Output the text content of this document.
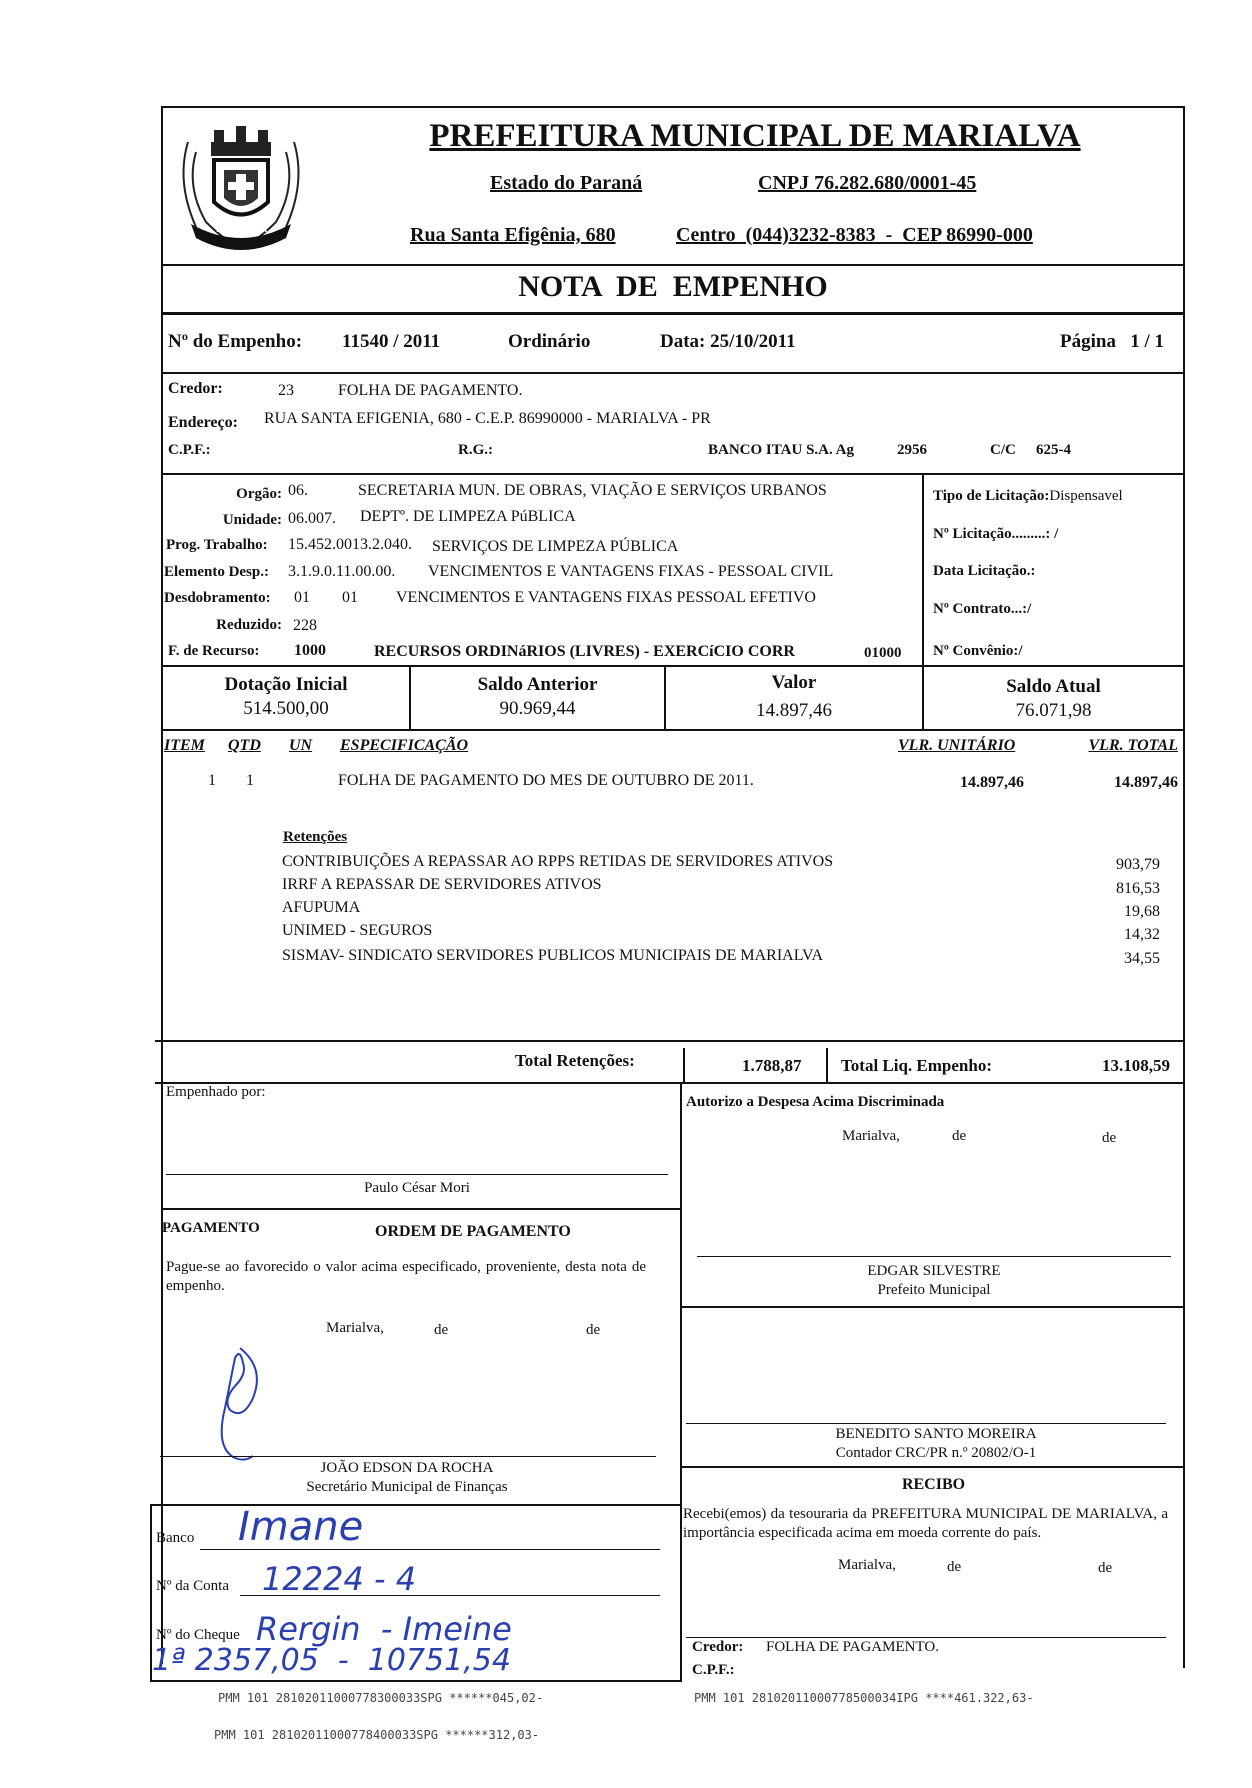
MARIALVA
PREFEITURA MUNICIPAL DE MARIALVA
Estado do Paraná	CNPJ 76.282.680/0001-45
Rua Santa Efigênia, 680	Centro  (044)3232-8383  -  CEP 86990-000
NOTA  DE  EMPENHO
Nº do Empenho: 11540 / 2011	Ordinário	Data: 25/10/2011	Página   1 / 1
Credor:	23	FOLHA DE PAGAMENTO.
Endereço: RUA SANTA EFIGENIA, 680 - C.E.P. 86990000 - MARIALVA - PR
C.P.F.:	R.G.:	BANCO ITAU S.A. Ag	2956	C/C 625-4
Orgão: 06.	SECRETARIA MUN. DE OBRAS, VIAÇÃO E SERVIÇOS URBANOS
Unidade: 06.007. DEPTº. DE LIMPEZA PúBLICA
Prog. Trabalho: 15.452.0013.2.040. SERVIÇOS DE LIMPEZA PÚBLICA
Elemento Desp.: 3.1.9.0.11.00.00. VENCIMENTOS E VANTAGENS FIXAS - PESSOAL CIVIL
Desdobramento: 01 01 VENCIMENTOS E VANTAGENS FIXAS PESSOAL EFETIVO
Reduzido: 228
F. de Recurso: 1000	RECURSOS ORDINáRIOS (LIVRES) - EXERCíCIO CORR	01000
Tipo de Licitação:Dispensavel
Nº Licitação.........: /
Data Licitação.:
Nº Contrato...:/
Nº Convênio:/
Dotação Inicial
514.500,00
Saldo Anterior
90.969,44
Valor
14.897,46
Saldo Atual
76.071,98
ITEM QTD UN ESPECIFICAÇÃO	VLR. UNITÁRIO	VLR. TOTAL
1 1	FOLHA DE PAGAMENTO DO MES DE OUTUBRO DE 2011.	14.897,46	14.897,46
Retenções
CONTRIBUIÇÕES A REPASSAR AO RPPS RETIDAS DE SERVIDORES ATIVOS	903,79
IRRF A REPASSAR DE SERVIDORES ATIVOS	816,53
AFUPUMA	19,68
UNIMED - SEGUROS	14,32
SISMAV- SINDICATO SERVIDORES PUBLICOS MUNICIPAIS DE MARIALVA	34,55
Total Retenções:	1.788,87 Total Liq. Empenho:	13.108,59
Empenhado por:
Paulo César Mori
Autorizo a Despesa Acima Discriminada
Marialva,	de	de
EDGAR SILVESTRE
Prefeito Municipal
PAGAMENTO	ORDEM DE PAGAMENTO
Pague-se ao favorecido o valor acima especificado, proveniente, desta nota de empenho.
Marialva,	de	de
JOÃO EDSON DA ROCHA
Secretário Municipal de Finanças
BENEDITO SANTO MOREIRA
Contador CRC/PR n.º 20802/O-1
RECIBO
Recebi(emos) da tesouraria da PREFEITURA MUNICIPAL DE MARIALVA, a importância especificada acima em moeda corrente do país.
Marialva,	de	de
Credor: FOLHA DE PAGAMENTO.
C.P.F.:
Banco Imane
Nº da Conta 12224 - 4
Nº do Cheque Rergin  - Imeine
1ª 2357,05  -  10751,54
PMM 101 28102011000778300033SPG ******045,02-
PMM 101 28102011000778400033SPG ******312,03-
PMM 101 28102011000778500034IPG ****461.322,63-
